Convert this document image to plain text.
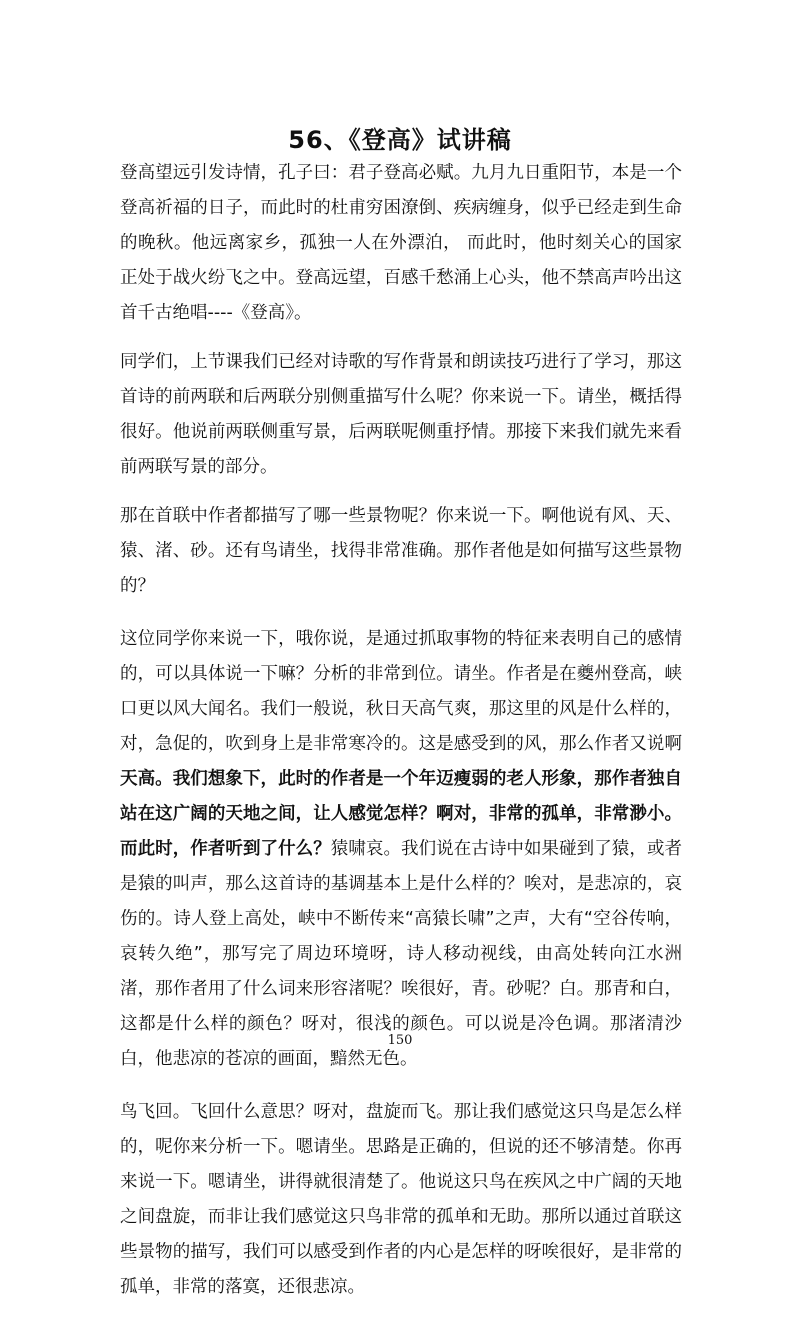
56、《登高》试讲稿

登高望远引发诗情，孔子曰：君子登高必赋。九月九日重阳节，本是一个登高祈福的日子，而此时的杜甫穷困潦倒、疾病缠身，似乎已经走到生命的晚秋。他远离家乡，孤独一人在外漂泊， 而此时，他时刻关心的国家正处于战火纷飞之中。登高远望，百感千愁涌上心头，他不禁高声吟出这首千古绝唱----《登高》。

同学们，上节课我们已经对诗歌的写作背景和朗读技巧进行了学习，那这首诗的前两联和后两联分别侧重描写什么呢？你来说一下。请坐，概括得很好。他说前两联侧重写景，后两联呢侧重抒情。那接下来我们就先来看前两联写景的部分。

那在首联中作者都描写了哪一些景物呢？你来说一下。啊他说有风、天、猿、渚、砂。还有鸟请坐，找得非常准确。那作者他是如何描写这些景物的？

这位同学你来说一下，哦你说，是通过抓取事物的特征来表明自己的感情的，可以具体说一下嘛？分析的非常到位。请坐。作者是在夔州登高，峡口更以风大闻名。我们一般说，秋日天高气爽，那这里的风是什么样的，对，急促的，吹到身上是非常寒冷的。这是感受到的风，那么作者又说啊天高。我们想象下，此时的作者是一个年迈瘦弱的老人形象，那作者独自站在这广阔的天地之间，让人感觉怎样？啊对，非常的孤单，非常渺小。而此时，作者听到了什么？猿啸哀。我们说在古诗中如果碰到了猿，或者是猿的叫声，那么这首诗的基调基本上是什么样的？唉对，是悲凉的，哀伤的。诗人登上高处，峡中不断传来“高猿长啸”之声，大有“空谷传响，哀转久绝”，那写完了周边环境呀，诗人移动视线，由高处转向江水洲渚，那作者用了什么词来形容渚呢？唉很好，青。砂呢？白。那青和白，这都是什么样的颜色？呀对，很浅的颜色。可以说是冷色调。那渚清沙白，他悲凉的苍凉的画面，黯然无色。

鸟飞回。飞回什么意思？呀对，盘旋而飞。那让我们感觉这只鸟是怎么样的，呢你来分析一下。嗯请坐。思路是正确的，但说的还不够清楚。你再来说一下。嗯请坐，讲得就很清楚了。他说这只鸟在疾风之中广阔的天地之间盘旋，而非让我们感觉这只鸟非常的孤单和无助。那所以通过首联这些景物的描写，我们可以感受到作者的内心是怎样的呀唉很好，是非常的孤单，非常的落寞，还很悲凉。

150
